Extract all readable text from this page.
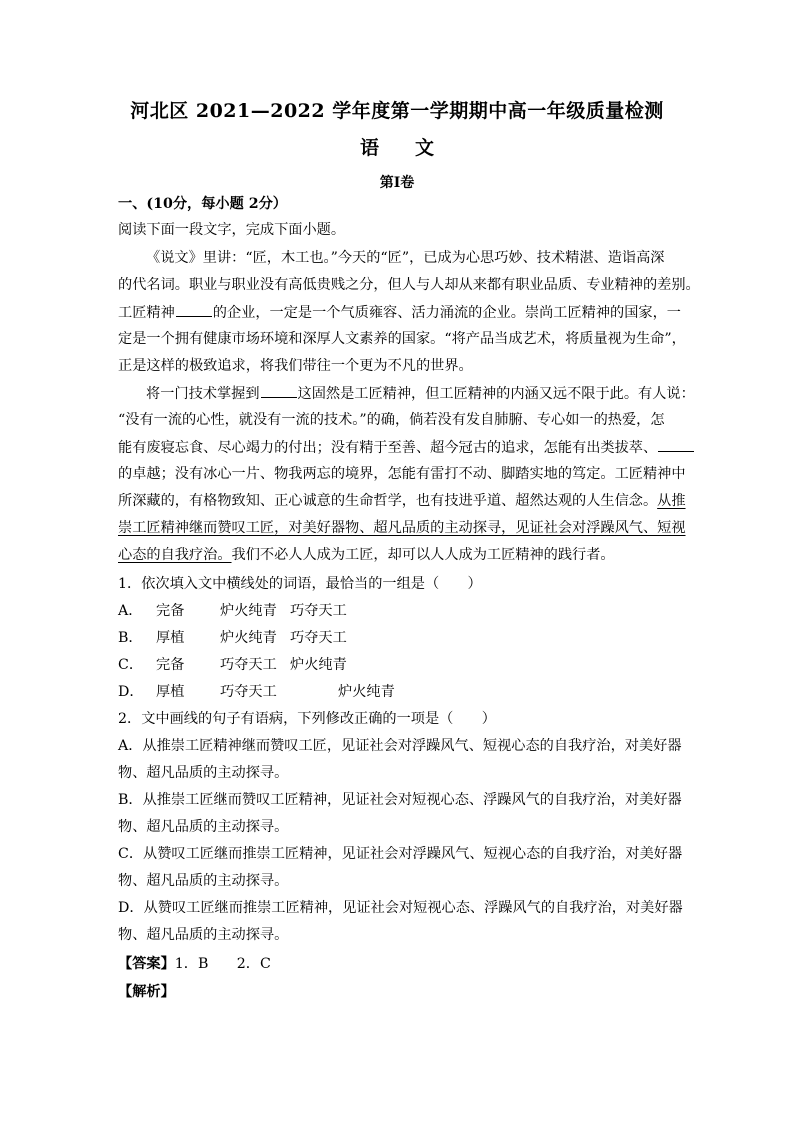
河北区 2021—2022 学年度第一学期期中高一年级质量检测
语 文
第Ⅰ卷
一、(10分，每小题 2分）
阅读下面一段文字，完成下面小题。
《说文》里讲：“匠，木工也。”今天的“匠”，已成为心思巧妙、技术精湛、造诣高深
的代名词。职业与职业没有高低贵贱之分，但人与人却从来都有职业品质、专业精神的差别。
工匠精神	的企业，一定是一个气质雍容、活力涌流的企业。崇尚工匠精神的国家，一
定是一个拥有健康市场环境和深厚人文素养的国家。“将产品当成艺术，将质量视为生命”，
正是这样的极致追求，将我们带往一个更为不凡的世界。
将一门技术掌握到	这固然是工匠精神，但工匠精神的内涵又远不限于此。有人说：
“没有一流的心性，就没有一流的技术。”的确，倘若没有发自肺腑、专心如一的热爱，怎
能有废寝忘食、尽心竭力的付出；没有精于至善、超今冠古的追求，怎能有出类拔萃、
的卓越；没有冰心一片、物我两忘的境界，怎能有雷打不动、脚踏实地的笃定。工匠精神中
所深藏的，有格物致知、正心诚意的生命哲学，也有技进乎道、超然达观的人生信念。从推
崇工匠精神继而赞叹工匠，对美好器物、超凡品质的主动探寻，见证社会对浮躁风气、短视
心态的自我疗治。我们不必人人成为工匠，却可以人人成为工匠精神的践行者。
1．依次填入文中横线处的词语，最恰当的一组是（　　）
A． 完备	炉火纯青 巧夺天工
B． 厚植	炉火纯青 巧夺天工
C． 完备	巧夺天工 炉火纯青
D． 厚植	巧夺天工	炉火纯青
2．文中画线的句子有语病，下列修改正确的一项是（　　）
A．从推崇工匠精神继而赞叹工匠，见证社会对浮躁风气、短视心态的自我疗治，对美好器
物、超凡品质的主动探寻。
B．从推崇工匠继而赞叹工匠精神，见证社会对短视心态、浮躁风气的自我疗治，对美好器
物、超凡品质的主动探寻。
C．从赞叹工匠继而推崇工匠精神，见证社会对浮躁风气、短视心态的自我疗治，对美好器
物、超凡品质的主动探寻。
D．从赞叹工匠继而推崇工匠精神，见证社会对短视心态、浮躁风气的自我疗治，对美好器
物、超凡品质的主动探寻。
【答案】1．B　　2．C
【解析】
